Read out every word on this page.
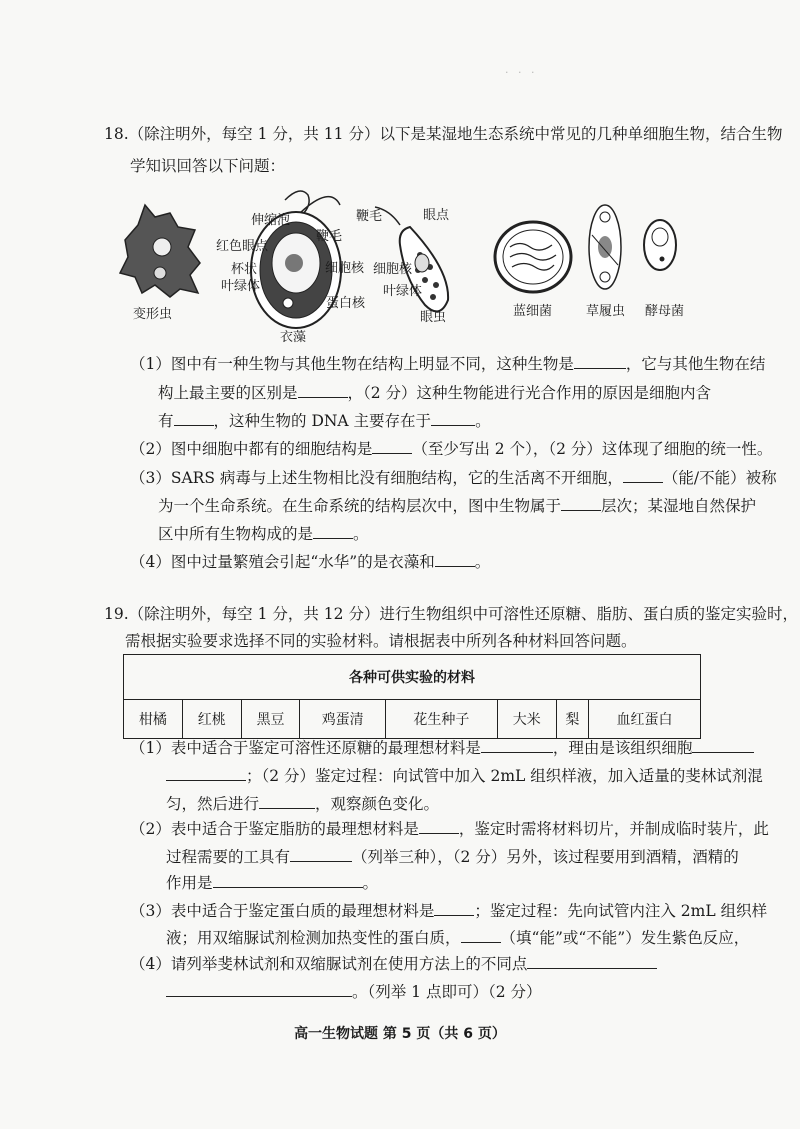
· · ·
18.（除注明外，每空 1 分，共 11 分）以下是某湿地生态系统中常见的几种单细胞生物，结合生物
学知识回答以下问题：
伸缩泡
鞭毛
红色眼点
杯状
叶绿体
细胞核
蛋白核
鞭毛	眼点
细胞核
叶绿体
变形虫
衣藻
眼虫	蓝细菌	草履虫 酵母菌
（1）图中有一种生物与其他生物在结构上明显不同，这种生物是	，它与其他生物在结
构上最主要的区别是	，（2 分）这种生物能进行光合作用的原因是细胞内含
有	，这种生物的 DNA 主要存在于	。
（2）图中细胞中都有的细胞结构是	（至少写出 2 个），（2 分）这体现了细胞的统一性。
（3）SARS 病毒与上述生物相比没有细胞结构，它的生活离不开细胞，	（能/不能）被称
为一个生命系统。在生命系统的结构层次中，图中生物属于	层次；某湿地自然保护
区中所有生物构成的是	。
（4）图中过量繁殖会引起“水华”的是衣藻和	。
19.（除注明外，每空 1 分，共 12 分）进行生物组织中可溶性还原糖、脂肪、蛋白质的鉴定实验时，
需根据实验要求选择不同的实验材料。请根据表中所列各种材料回答问题。
各种可供实验的材料
柑橘	红桃	黑豆	鸡蛋清	花生种子	大米	梨	血红蛋白
（1）表中适合于鉴定可溶性还原糖的最理想材料是	，理由是该组织细胞
；（2 分）鉴定过程：向试管中加入 2mL 组织样液，加入适量的斐林试剂混
匀，然后进行	，观察颜色变化。
（2）表中适合于鉴定脂肪的最理想材料是	，鉴定时需将材料切片，并制成临时装片，此
过程需要的工具有	（列举三种），（2 分）另外，该过程要用到酒精，酒精的
作用是	。
（3）表中适合于鉴定蛋白质的最理想材料是	；鉴定过程：先向试管内注入 2mL 组织样
液；用双缩脲试剂检测加热变性的蛋白质，	（填“能”或“不能”）发生紫色反应，
（4）请列举斐林试剂和双缩脲试剂在使用方法上的不同点
。（列举 1 点即可）（2 分）
高一生物试题 第 5 页（共 6 页）
